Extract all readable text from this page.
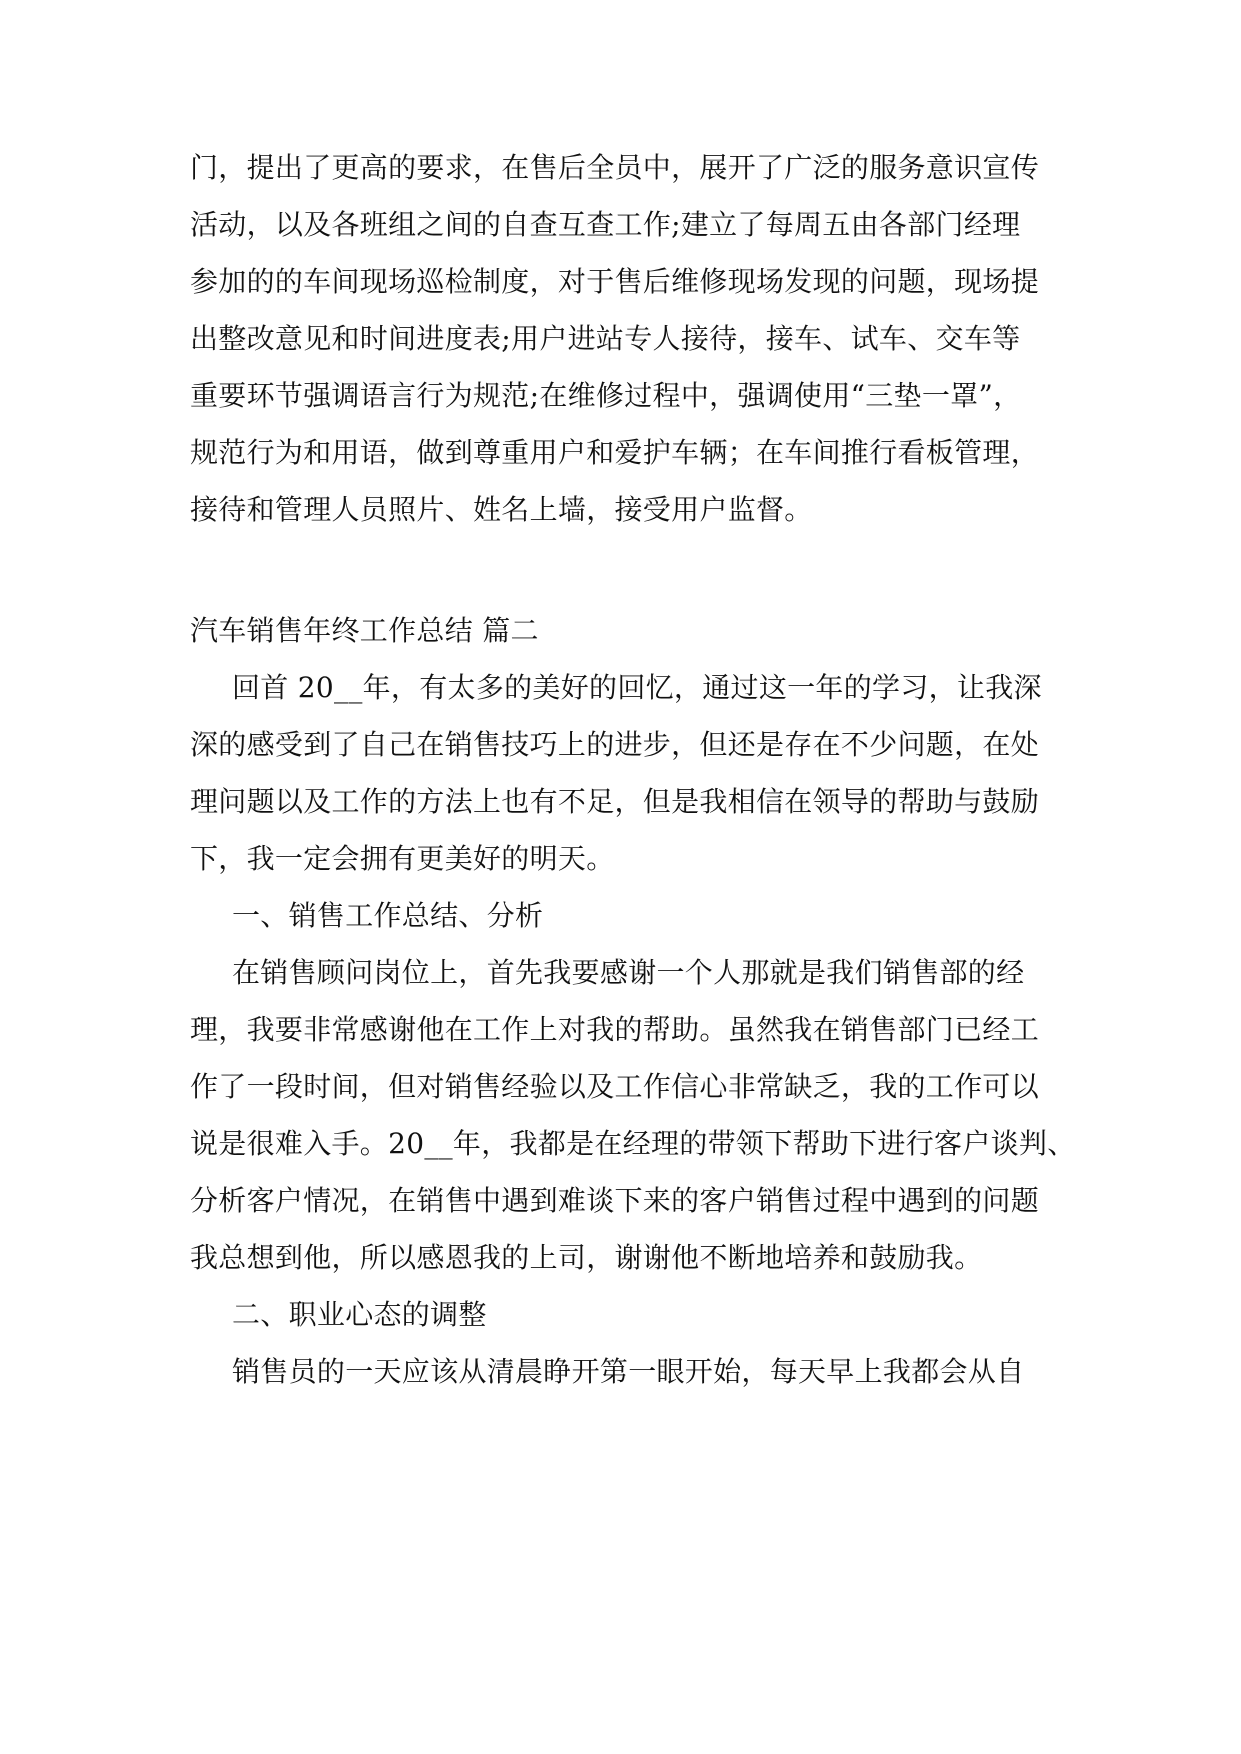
门，提出了更高的要求，在售后全员中，展开了广泛的服务意识宣传
活动，以及各班组之间的自查互查工作;建立了每周五由各部门经理
参加的的车间现场巡检制度，对于售后维修现场发现的问题，现场提
出整改意见和时间进度表;用户进站专人接待，接车、试车、交车等
重要环节强调语言行为规范;在维修过程中，强调使用“三垫一罩”，
规范行为和用语，做到尊重用户和爱护车辆；在车间推行看板管理，
接待和管理人员照片、姓名上墙，接受用户监督。
汽车销售年终工作总结 篇二
回首 20__年，有太多的美好的回忆，通过这一年的学习，让我深
深的感受到了自己在销售技巧上的进步，但还是存在不少问题，在处
理问题以及工作的方法上也有不足，但是我相信在领导的帮助与鼓励
下，我一定会拥有更美好的明天。
一、销售工作总结、分析
在销售顾问岗位上，首先我要感谢一个人那就是我们销售部的经
理，我要非常感谢他在工作上对我的帮助。虽然我在销售部门已经工
作了一段时间，但对销售经验以及工作信心非常缺乏，我的工作可以
说是很难入手。20__年，我都是在经理的带领下帮助下进行客户谈判、
分析客户情况，在销售中遇到难谈下来的客户销售过程中遇到的问题
我总想到他，所以感恩我的上司，谢谢他不断地培养和鼓励我。
二、职业心态的调整
销售员的一天应该从清晨睁开第一眼开始，每天早上我都会从自
